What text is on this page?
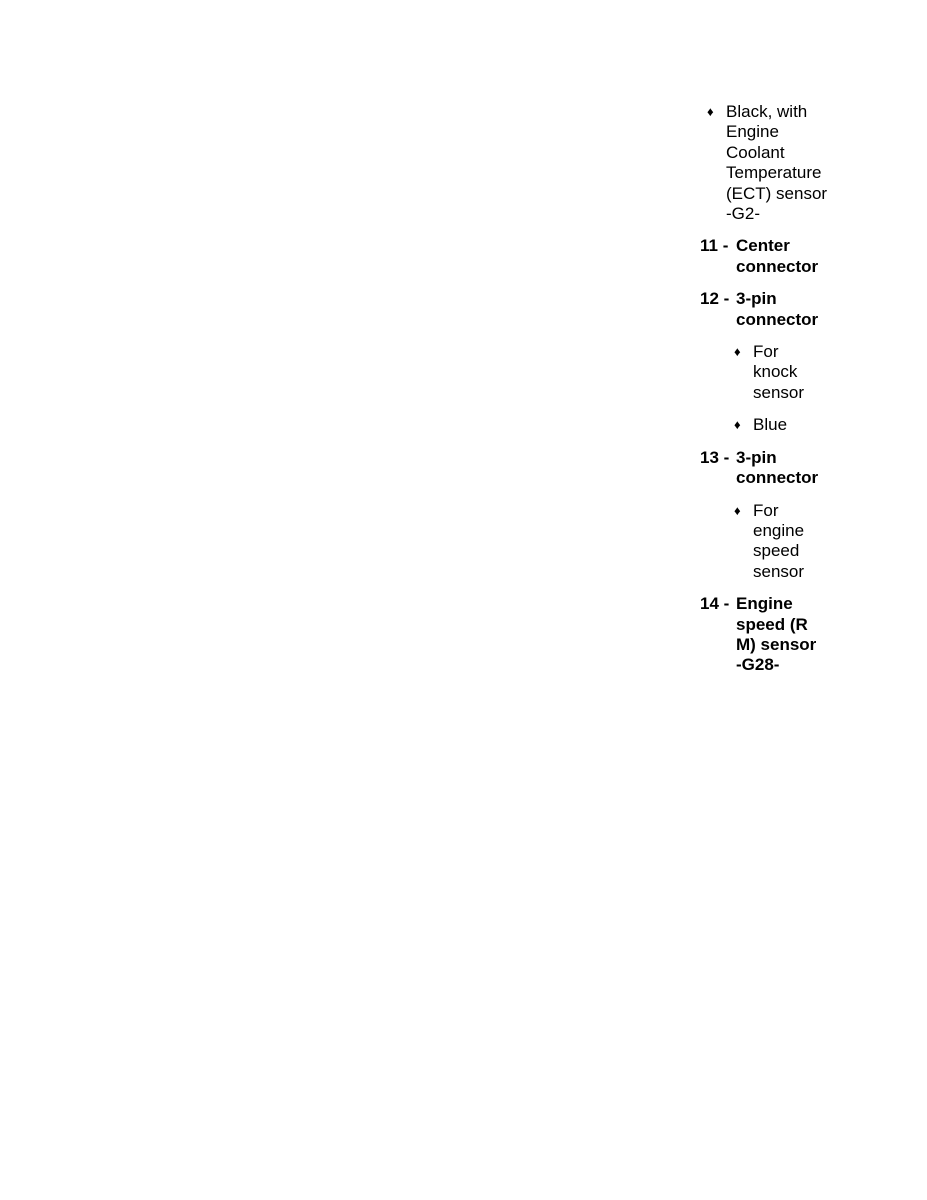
♦ Black, with Engine Coolant Temperature (ECT) sensor -G2-
11 - Center connector
12 - 3-pin connector
♦ For knock sensor
♦ Blue
13 - 3-pin connector
♦ For engine speed sensor
14 - Engine speed (R M) sensor -G28-
